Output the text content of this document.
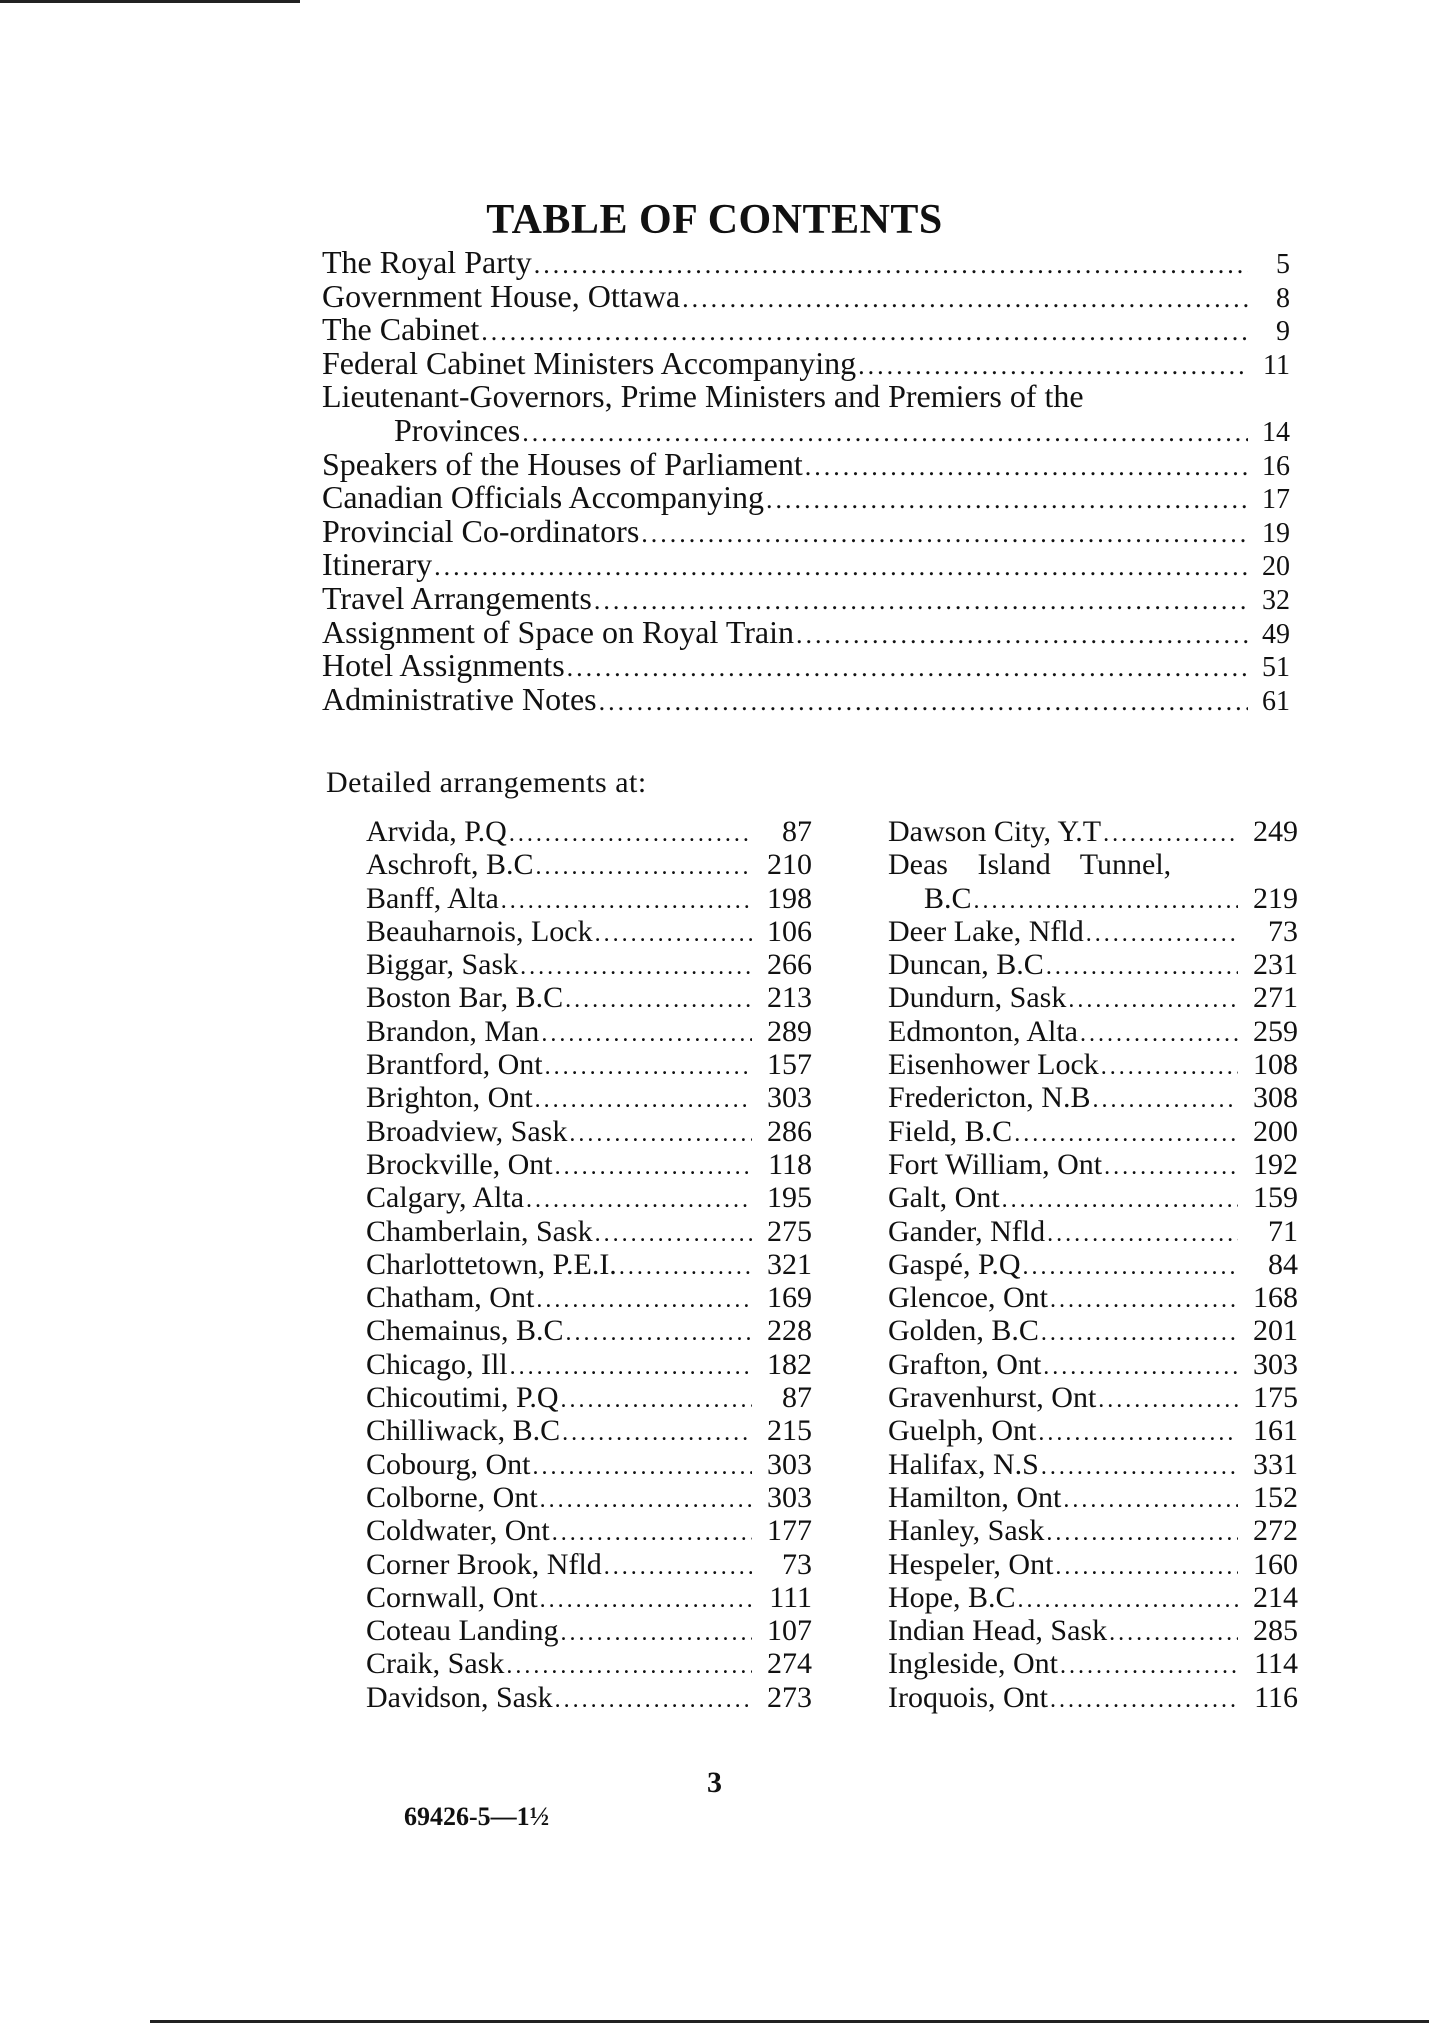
TABLE OF CONTENTS
The Royal Party .....	5
Government House, Ottawa .....	8
The Cabinet .....	9
Federal Cabinet Ministers Accompanying .....	11
Lieutenant-Governors, Prime Ministers and Premiers of the
Provinces .....	14
Speakers of the Houses of Parliament .....	16
Canadian Officials Accompanying .....	17
Provincial Co-ordinators .....	19
Itinerary .....	20
Travel Arrangements .....	32
Assignment of Space on Royal Train .....	49
Hotel Assignments .....	51
Administrative Notes .....	61
Detailed arrangements at:
Arvida, P.Q .....	87
Aschroft, B.C .....	210
Banff, Alta .....	198
Beauharnois, Lock .....	106
Biggar, Sask .....	266
Boston Bar, B.C .....	213
Brandon, Man .....	289
Brantford, Ont .....	157
Brighton, Ont .....	303
Broadview, Sask .....	286
Brockville, Ont .....	118
Calgary, Alta .....	195
Chamberlain, Sask .....	275
Charlottetown, P.E.I. .....	321
Chatham, Ont .....	169
Chemainus, B.C .....	228
Chicago, Ill .....	182
Chicoutimi, P.Q .....	87
Chilliwack, B.C .....	215
Cobourg, Ont .....	303
Colborne, Ont .....	303
Coldwater, Ont .....	177
Corner Brook, Nfld .....	73
Cornwall, Ont .....	111
Coteau Landing .....	107
Craik, Sask .....	274
Davidson, Sask .....	273
Dawson City, Y.T .....	249
Deas Island Tunnel,
B.C .....	219
Deer Lake, Nfld .....	73
Duncan, B.C .....	231
Dundurn, Sask .....	271
Edmonton, Alta .....	259
Eisenhower Lock .....	108
Fredericton, N.B .....	308
Field, B.C .....	200
Fort William, Ont .....	192
Galt, Ont .....	159
Gander, Nfld .....	71
Gaspé, P.Q .....	84
Glencoe, Ont .....	168
Golden, B.C .....	201
Grafton, Ont .....	303
Gravenhurst, Ont .....	175
Guelph, Ont .....	161
Halifax, N.S .....	331
Hamilton, Ont .....	152
Hanley, Sask .....	272
Hespeler, Ont .....	160
Hope, B.C .....	214
Indian Head, Sask .....	285
Ingleside, Ont .....	114
Iroquois, Ont .....	116
3
69426-5—1½
